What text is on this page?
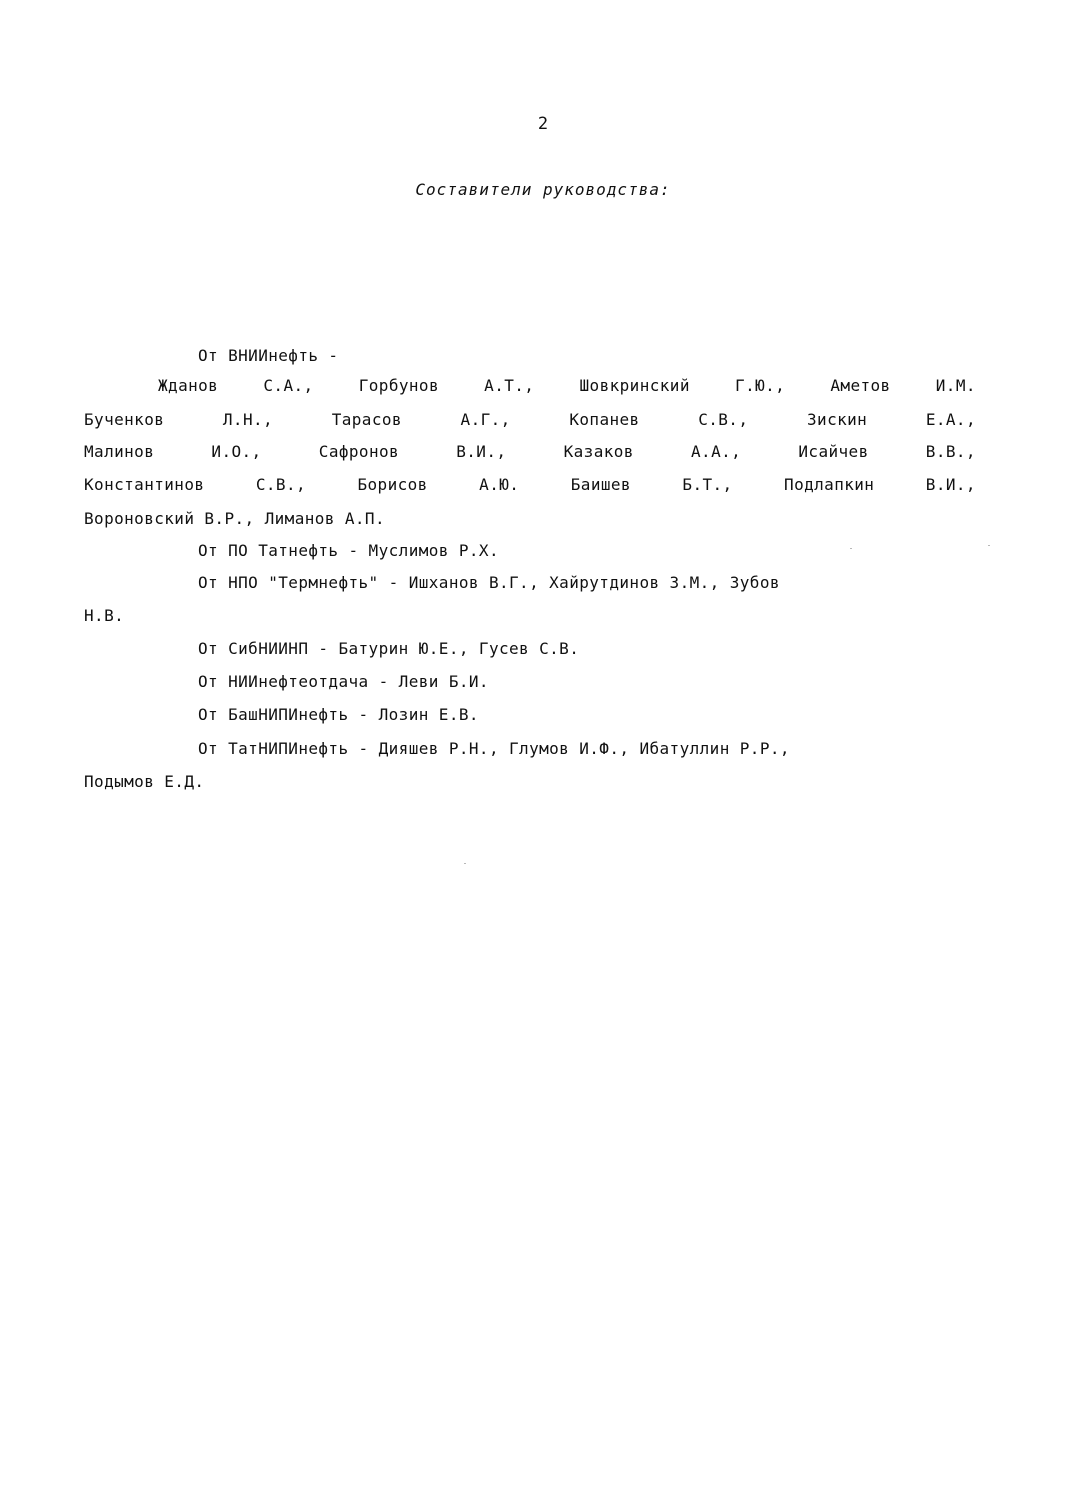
2
Составители руководства:
От ВНИИнефть -
Жданов	С.А.,	Горбунов	А.Т.,	Шовкринский	Г.Ю.,	Аметов	И.М.
Бученков	Л.Н.,	Тарасов	А.Г.,	Копанев	С.В.,	Зискин	Е.А.,
Малинов	И.О.,	Сафронов	В.И.,	Казаков	А.А.,	Исайчев	В.В.,
Константинов	С.В.,	Борисов	А.Ю.	Баишев	Б.Т.,	Подлапкин	В.И.,
Вороновский В.Р., Лиманов А.П.
От ПО Татнефть - Муслимов Р.Х.
От НПО "Термнефть" - Ишханов В.Г., Хайрутдинов З.М., Зубов
Н.В.
От СибНИИНП - Батурин Ю.Е., Гусев С.В.
От НИИнефтеотдача - Леви Б.И.
От БашНИПИнефть - Лозин Е.В.
От ТатНИПИнефть - Дияшев Р.Н., Глумов И.Ф., Ибатуллин Р.Р.,
Подымов Е.Д.
